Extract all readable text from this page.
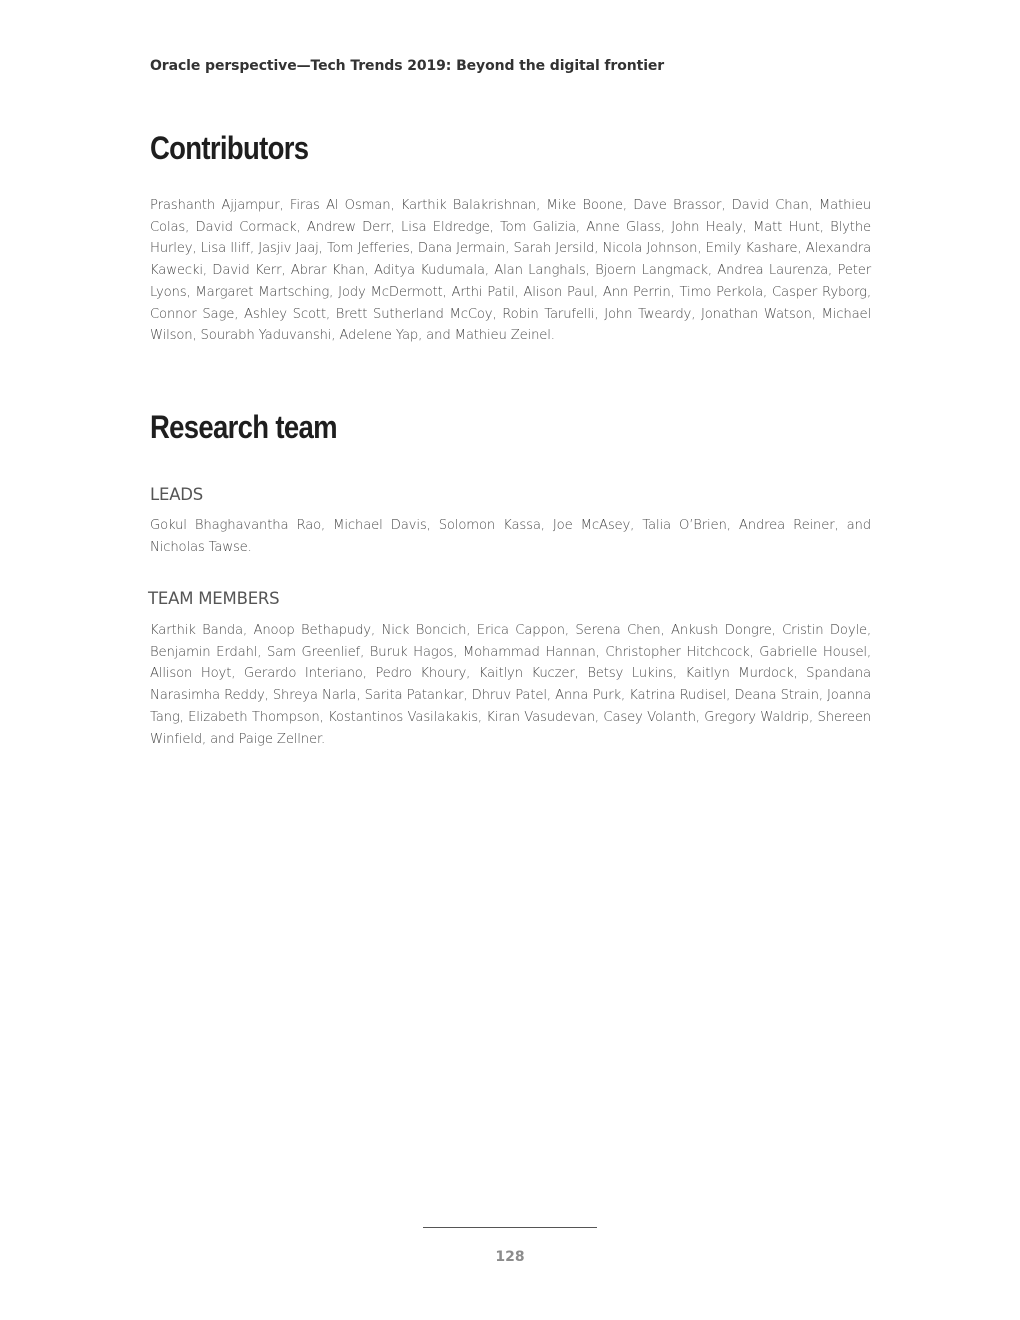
Oracle perspective—Tech Trends 2019: Beyond the digital frontier
Contributors

Prashanth Ajjampur, Firas Al Osman, Karthik Balakrishnan, Mike Boone, Dave Brassor, David Chan, Mathieu Colas, David Cormack, Andrew Derr, Lisa Eldredge, Tom Galizia, Anne Glass, John Healy, Matt Hunt, Blythe Hurley, Lisa Iliff, Jasjiv Jaaj, Tom Jefferies, Dana Jermain, Sarah Jersild, Nicola Johnson, Emily Kashare, Alexandra Kawecki, David Kerr, Abrar Khan, Aditya Kudumala, Alan Langhals, Bjoern Langmack, Andrea Laurenza, Peter Lyons, Margaret Martsching, Jody McDermott, Arthi Patil, Alison Paul, Ann Perrin, Timo Perkola, Casper Ryborg, Connor Sage, Ashley Scott, Brett Sutherland McCoy, Robin Tarufelli, John Tweardy, Jonathan Watson, Michael Wilson, Sourabh Yaduvanshi, Adelene Yap, and Mathieu Zeinel.

Research team
LEADS

Gokul Bhaghavantha Rao, Michael Davis, Solomon Kassa, Joe McAsey, Talia O’Brien, Andrea Reiner, and Nicholas Tawse.

TEAM MEMBERS

Karthik Banda, Anoop Bethapudy, Nick Boncich, Erica Cappon, Serena Chen, Ankush Dongre, Cristin Doyle, Benjamin Erdahl, Sam Greenlief, Buruk Hagos, Mohammad Hannan, Christopher Hitchcock, Gabrielle Housel, Allison Hoyt, Gerardo Interiano, Pedro Khoury, Kaitlyn Kuczer, Betsy Lukins, Kaitlyn Murdock, Spandana Narasimha Reddy, Shreya Narla, Sarita Patankar, Dhruv Patel, Anna Purk, Katrina Rudisel, Deana Strain, Joanna Tang, Elizabeth Thompson, Kostantinos Vasilakakis, Kiran Vasudevan, Casey Volanth, Gregory Waldrip, Shereen Winfield, and Paige Zellner.

128
